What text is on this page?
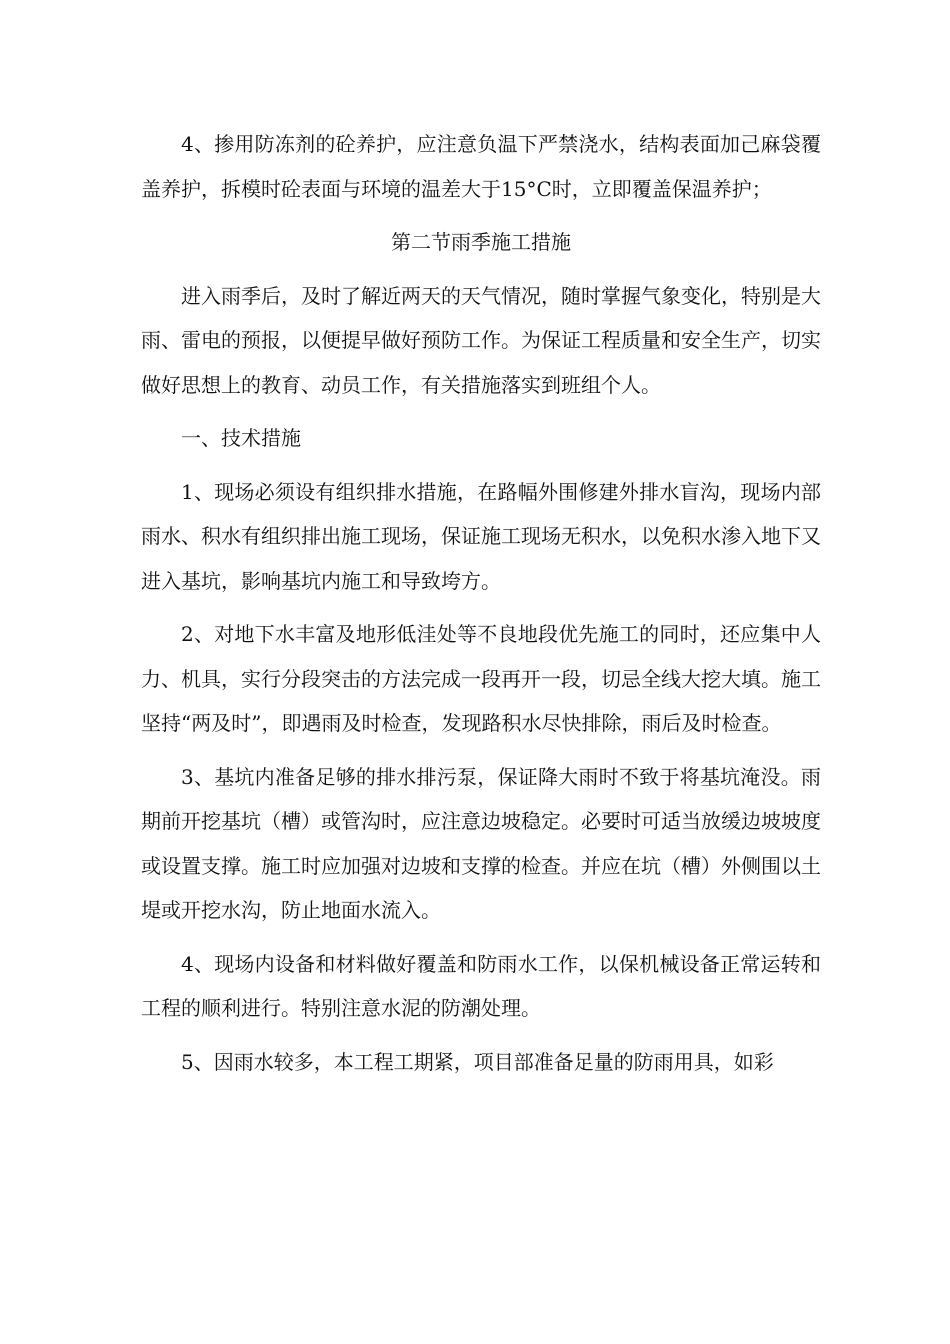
4、掺用防冻剂的砼养护，应注意负温下严禁浇水，结构表面加己麻袋覆盖养护，拆模时砼表面与环境的温差大于15°C时，立即覆盖保温养护；

第二节雨季施工措施

进入雨季后，及时了解近两天的天气情况，随时掌握气象变化，特别是大雨、雷电的预报，以便提早做好预防工作。为保证工程质量和安全生产，切实做好思想上的教育、动员工作，有关措施落实到班组个人。

一、技术措施

1、现场必须设有组织排水措施，在路幅外围修建外排水盲沟，现场内部雨水、积水有组织排出施工现场，保证施工现场无积水，以免积水渗入地下又进入基坑，影响基坑内施工和导致垮方。

2、对地下水丰富及地形低洼处等不良地段优先施工的同时，还应集中人力、机具，实行分段突击的方法完成一段再开一段，切忌全线大挖大填。施工坚持“两及时”，即遇雨及时检查，发现路积水尽快排除，雨后及时检查。

3、基坑内准备足够的排水排污泵，保证降大雨时不致于将基坑淹没。雨期前开挖基坑（槽）或管沟时，应注意边坡稳定。必要时可适当放缓边坡坡度或设置支撑。施工时应加强对边坡和支撑的检查。并应在坑（槽）外侧围以土堤或开挖水沟，防止地面水流入。

4、现场内设备和材料做好覆盖和防雨水工作，以保机械设备正常运转和工程的顺利进行。特别注意水泥的防潮处理。

5、因雨水较多，本工程工期紧，项目部准备足量的防雨用具，如彩
